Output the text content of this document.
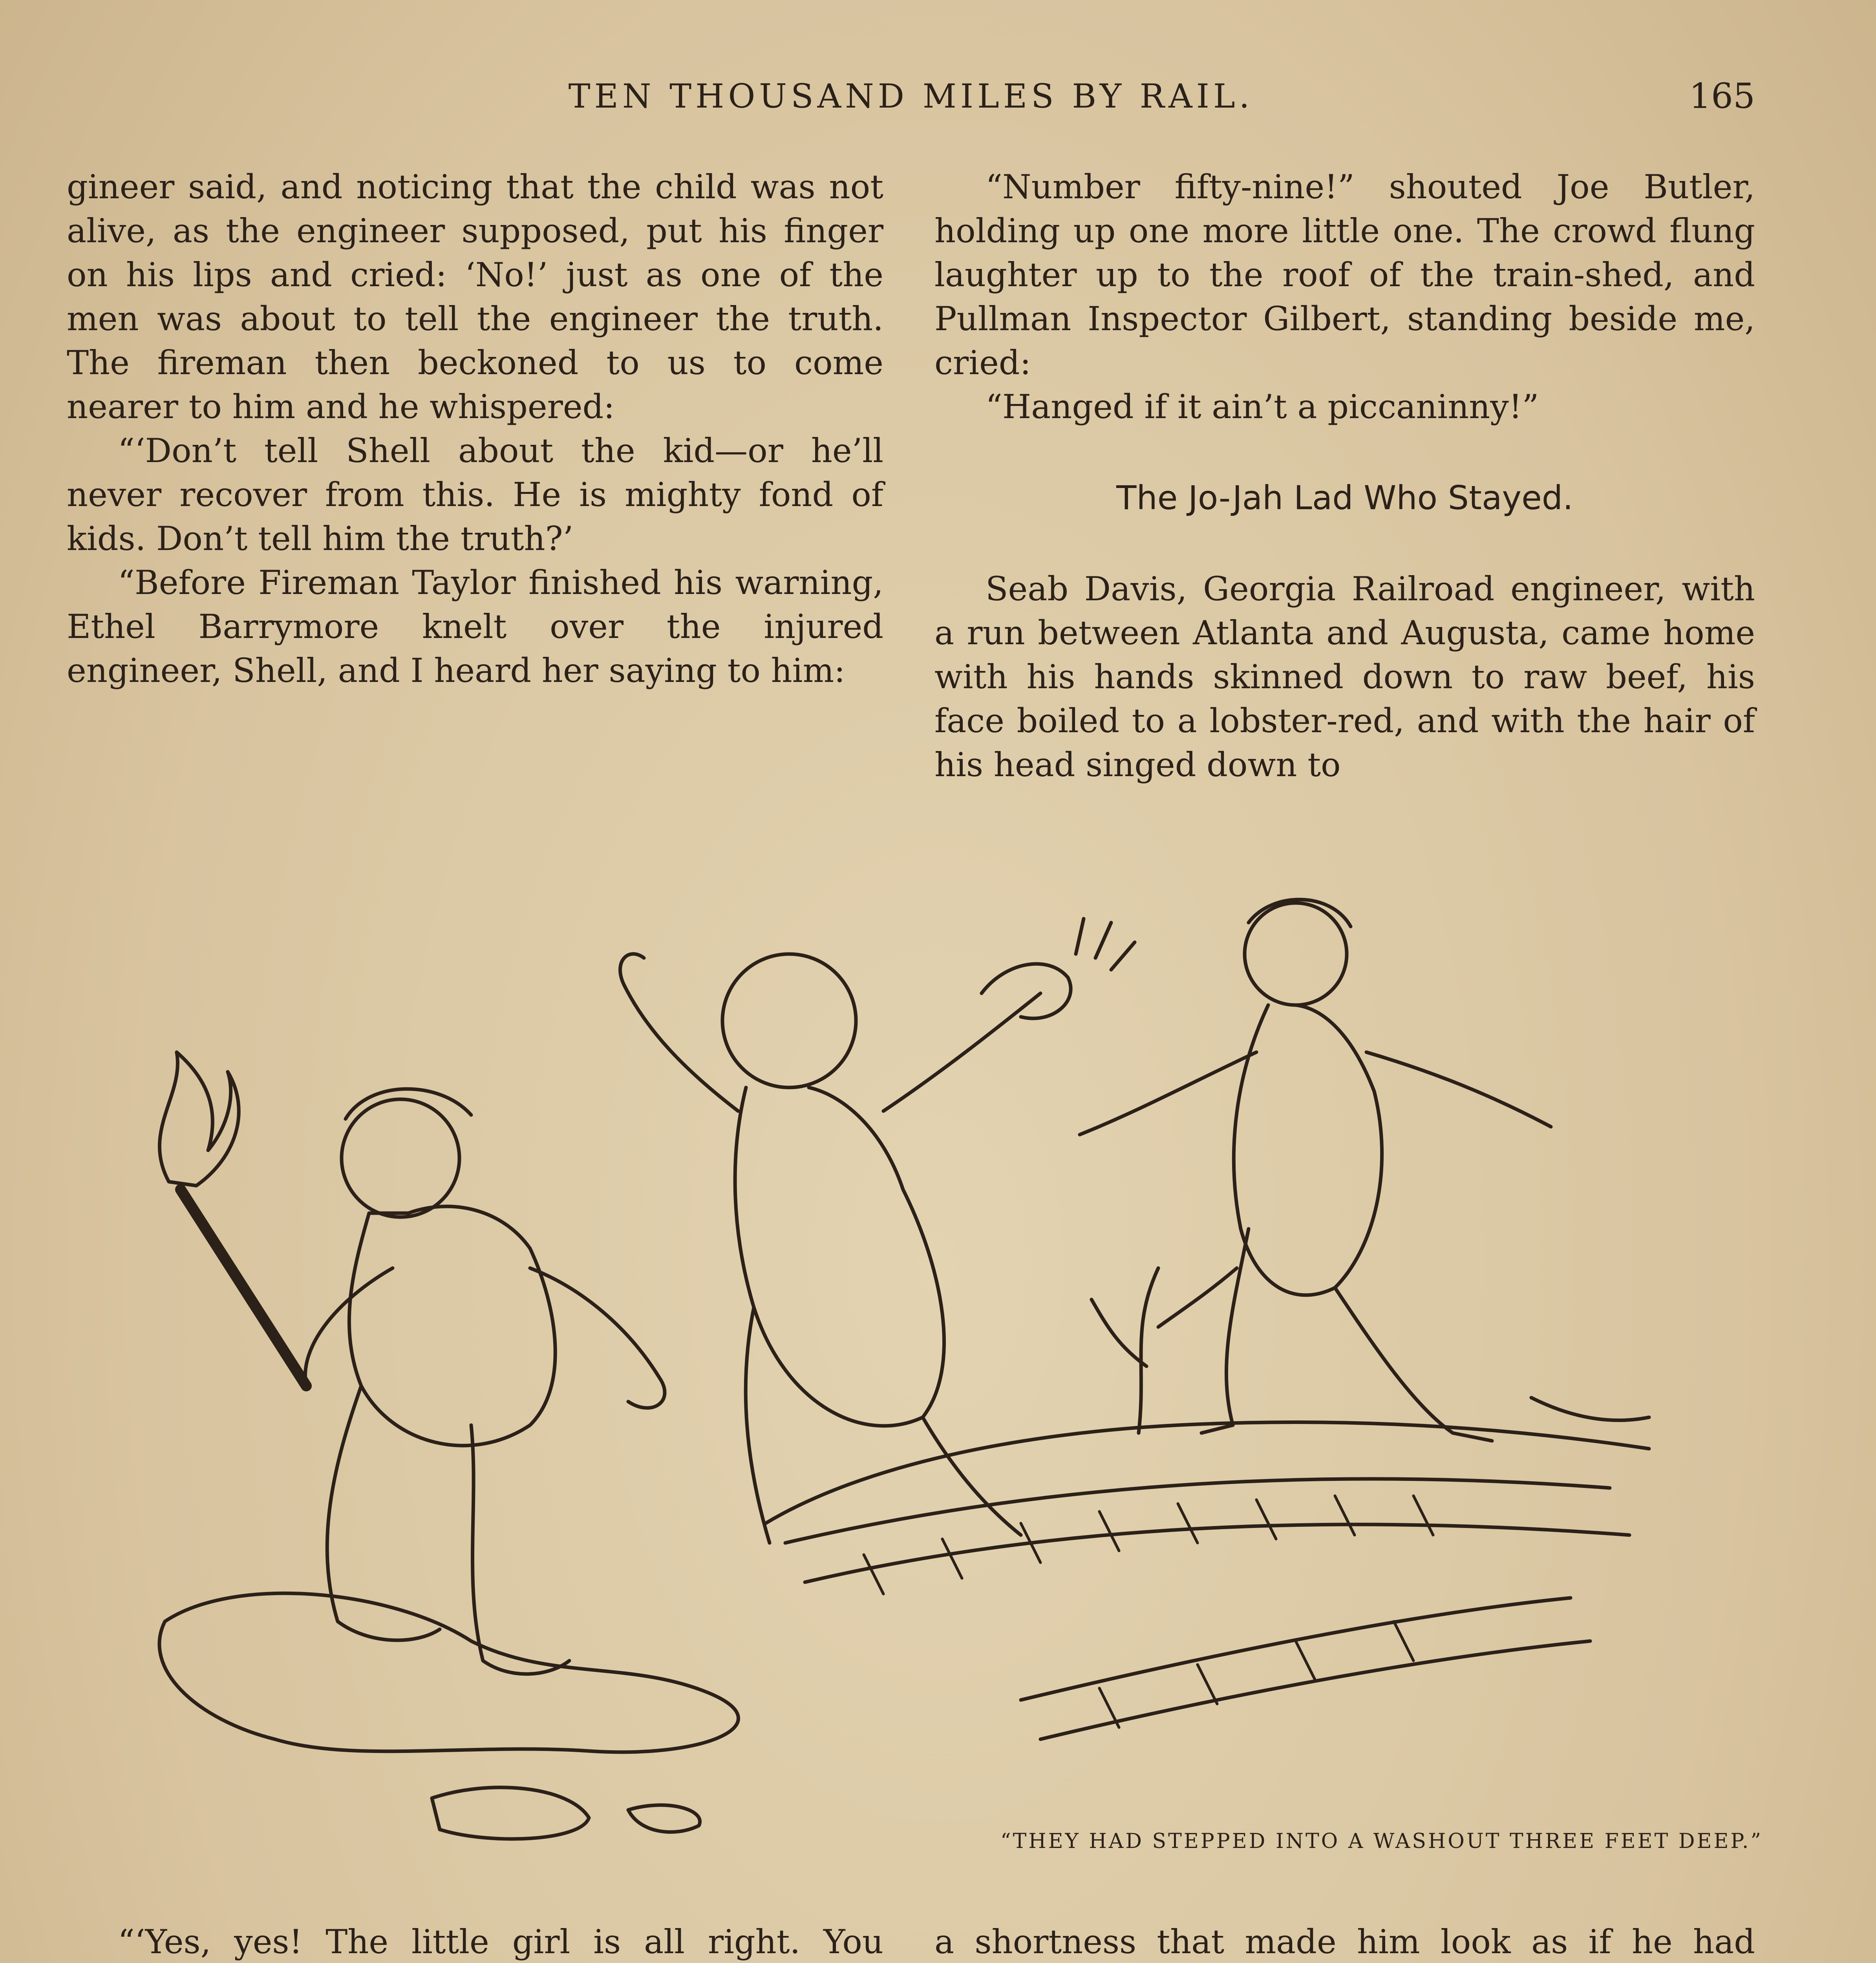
TEN THOUSAND MILES BY RAIL.	165

gineer said, and noticing that the child was not alive, as the engineer supposed, put his finger on his lips and cried: ‘No!’ just as one of the men was about to tell the engineer the truth. The fireman then beckoned to us to come nearer to him and he whispered:

“‘Don’t tell Shell about the kid—or he’ll never recover from this. He is mighty fond of kids. Don’t tell him the truth?’

“Before Fireman Taylor finished his warning, Ethel Barrymore knelt over the injured engineer, Shell, and I heard her saying to him:

“Number fifty-nine!” shouted Joe Butler, holding up one more little one. The crowd flung laughter up to the roof of the train-shed, and Pullman Inspector Gilbert, standing beside me, cried:

“Hanged if it ain’t a piccaninny!”

The Jo-Jah Lad Who Stayed.

Seab Davis, Georgia Railroad engineer, with a run between Atlanta and Augusta, came home with his hands skinned down to raw beef, his face boiled to a lobster-red, and with the hair of his head singed down to

“THEY HAD STEPPED INTO A WASHOUT THREE FEET DEEP.”

“‘Yes, yes! The little girl is all right. You a shortness that made him look as if he had
